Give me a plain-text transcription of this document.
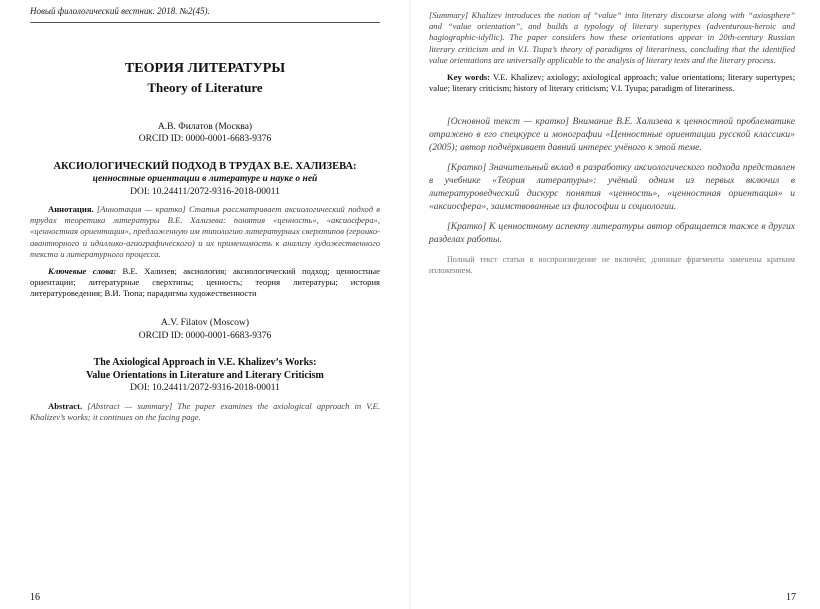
Новый филологический вестник. 2018. №2(45).
ТЕОРИЯ ЛИТЕРАТУРЫ
Theory of Literature
А.В. Филатов (Москва)
ORCID ID: 0000-0001-6683-9376
АКСИОЛОГИЧЕСКИЙ ПОДХОД В ТРУДАХ В.Е. ХАЛИЗЕВА:
ценностные ориентации в литературе и науке о ней
DOI: 10.24411/2072-9316-2018-00011
Аннотация. [Аннотация — кратко] Статья рассматривает аксиологический подход в трудах теоретика литературы В.Е. Хализева: понятия «ценность», «аксиосфера», «ценностная ориентация», предложенную им типологию литературных сверхтипов (героико-авантюрного и идиллико-агиографического) и их применимость к анализу художественного текста и литературного процесса.
Ключевые слова: В.Е. Хализев; аксиология; аксиологический подход; ценностные ориентации; литературные сверхтипы; ценность; теория литературы; история литературоведения; В.И. Тюпа; парадигмы художественности
A.V. Filatov (Moscow)
ORCID ID: 0000-0001-6683-9376
The Axiological Approach in V.E. Khalizev’s Works:
Value Orientations in Literature and Literary Criticism
DOI: 10.24411/2072-9316-2018-00011
Abstract. [Abstract — summary] The paper examines the axiological approach in V.E. Khalizev’s works; it continues on the facing page.
16
[Summary] Khalizev introduces the notion of “value” into literary discourse along with “axiosphere” and “value orientation”, and builds a typology of literary supertypes (adventurous-heroic and hagiographic-idyllic). The paper considers how these orientations appear in 20th-century Russian literary criticism and in V.I. Tiupa’s theory of paradigms of literariness, concluding that the identified value orientations are universally applicable to the analysis of literary texts and the literary process.
Key words: V.E. Khalizev; axiology; axiological approach; value orientations; literary supertypes; value; literary criticism; history of literary criticism; V.I. Tyupa; paradigm of literariness.
[Основной текст — кратко] Внимание В.Е. Хализева к ценностной проблематике отражено в его спецкурсе и монографии «Ценностные ориентации русской классики» (2005); автор подчёркивает давний интерес учёного к этой теме.
[Кратко] Значительный вклад в разработку аксиологического подхода представлен в учебнике «Теория литературы»: учёный одним из первых включил в литературоведческий дискурс понятия «ценность», «ценностная ориентация» и «аксиосфера», заимствованные из философии и социологии.
[Кратко] К ценностному аспекту литературы автор обращается также в других разделах работы.
Полный текст статьи в воспроизведение не включён; длинные фрагменты заменены кратким изложением.
17
